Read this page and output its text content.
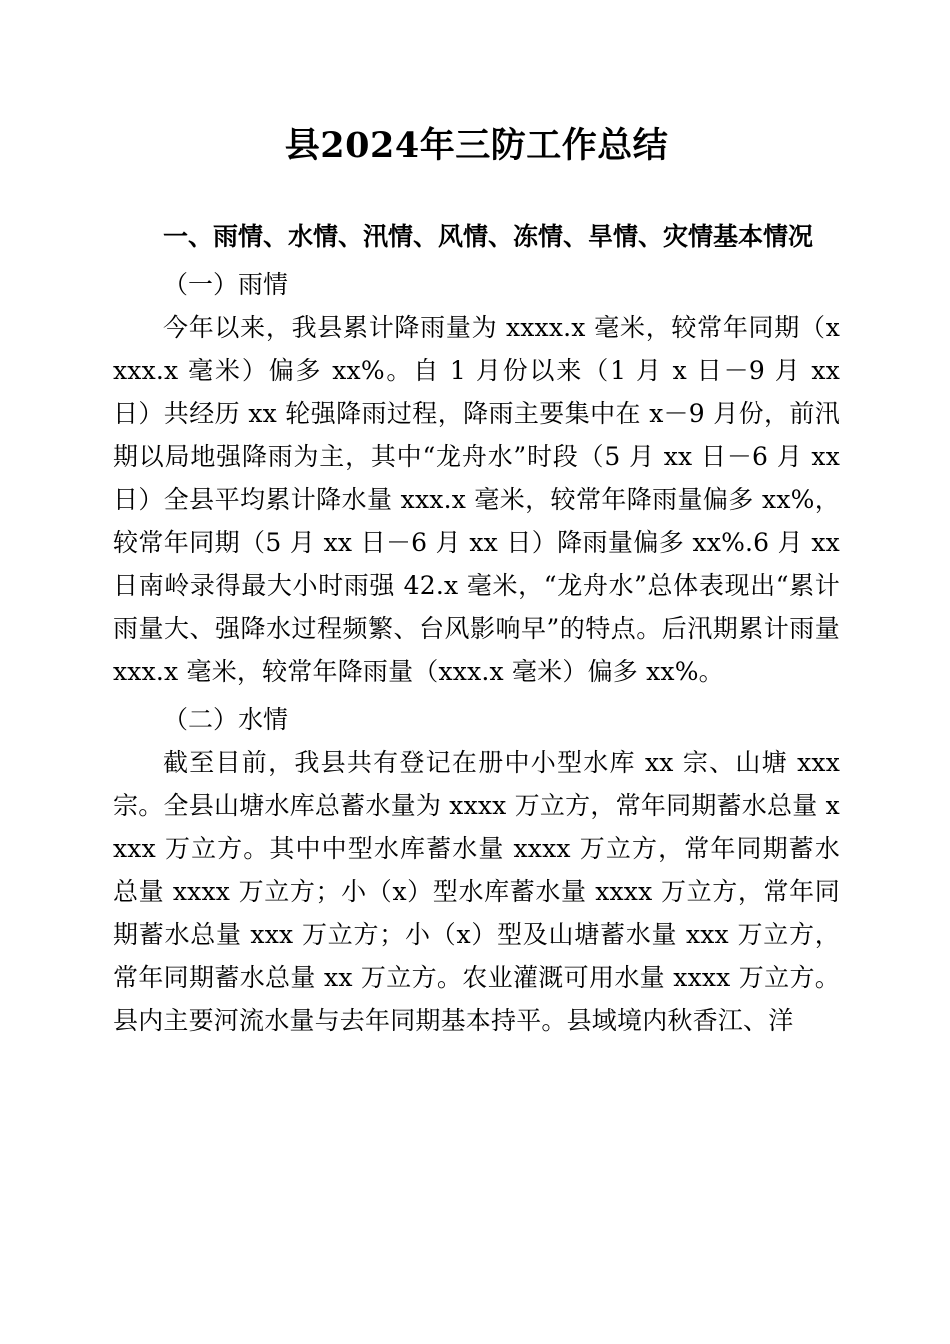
县2024年三防工作总结

一、雨情、水情、汛情、风情、冻情、旱情、灾情基本情况

（一）雨情

今年以来，我县累计降雨量为 xxxx.x 毫米，较常年同期（xxxx.x 毫米）偏多 xx%。自 1 月份以来（1 月 x 日－9 月 xx 日）共经历 xx 轮强降雨过程，降雨主要集中在 x－9 月份，前汛期以局地强降雨为主，其中“龙舟水”时段（5 月 xx 日－6 月 xx 日）全县平均累计降水量 xxx.x 毫米，较常年降雨量偏多 xx%，较常年同期（5 月 xx 日－6 月 xx 日）降雨量偏多 xx%.6 月 xx 日南岭录得最大小时雨强 42.x 毫米，“龙舟水”总体表现出“累计雨量大、强降水过程频繁、台风影响早”的特点。后汛期累计雨量 xxx.x 毫米，较常年降雨量（xxx.x 毫米）偏多 xx%。

（二）水情

截至目前，我县共有登记在册中小型水库 xx 宗、山塘 xxx 宗。全县山塘水库总蓄水量为 xxxx 万立方，常年同期蓄水总量 xxxx 万立方。其中中型水库蓄水量 xxxx 万立方，常年同期蓄水总量 xxxx 万立方；小（x）型水库蓄水量 xxxx 万立方，常年同期蓄水总量 xxx 万立方；小（x）型及山塘蓄水量 xxx 万立方，常年同期蓄水总量 xx 万立方。农业灌溉可用水量 xxxx 万立方。县内主要河流水量与去年同期基本持平。县域境内秋香江、洋
